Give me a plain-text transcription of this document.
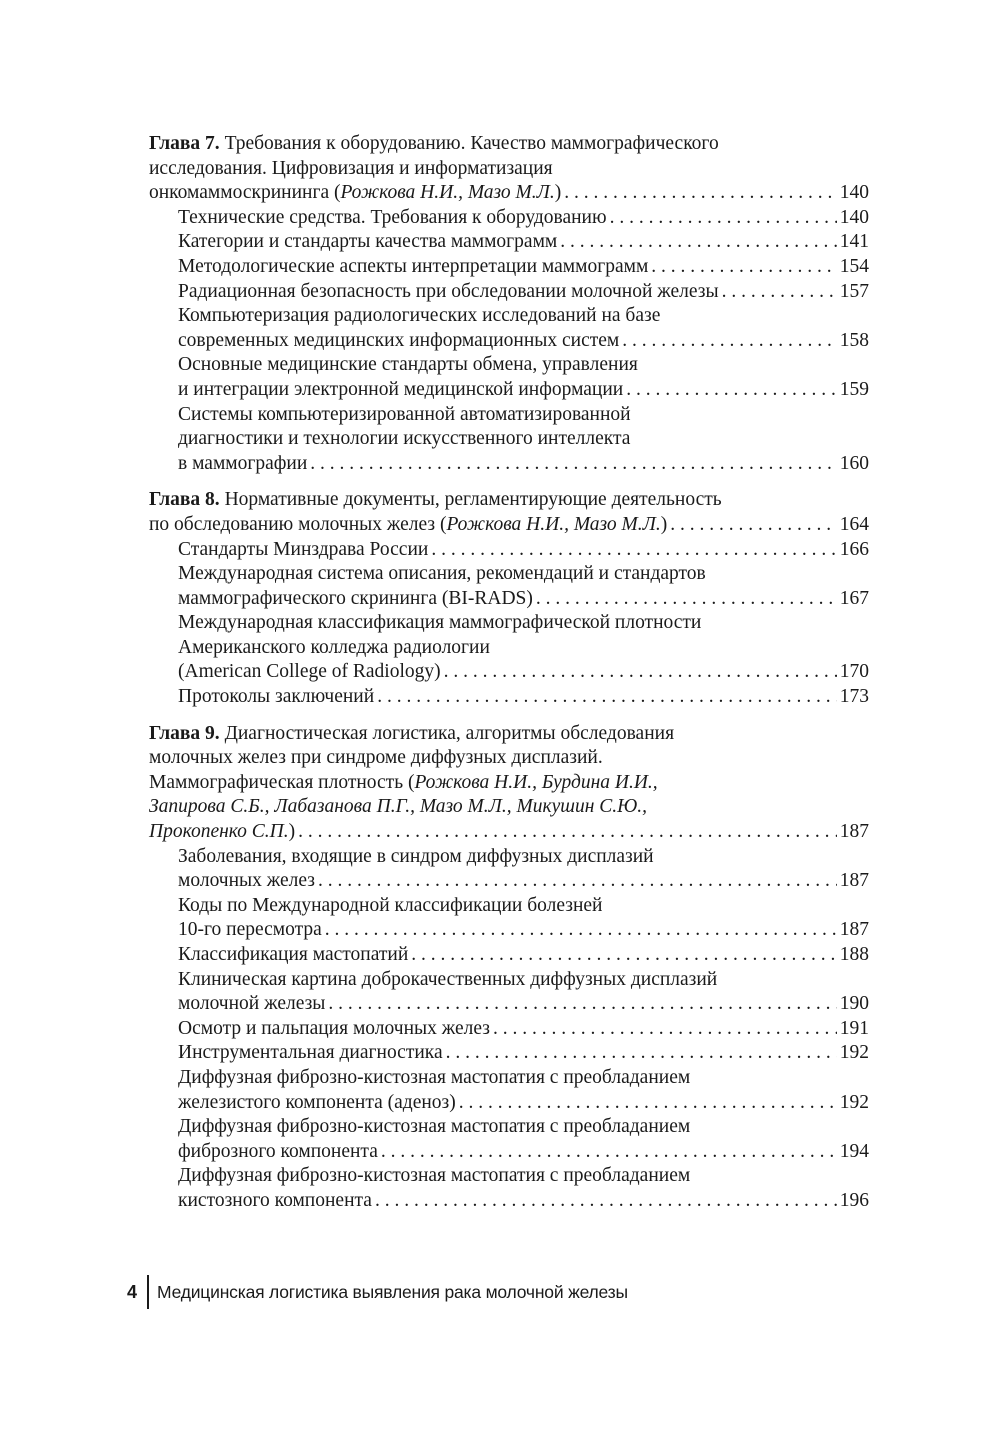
Глава 7. Требования к оборудованию. Качество маммографического
исследования. Цифровизация и информатизация
онкомаммоскрининга (Рожкова Н.И., Мазо М.Л.) . . .	140
Технические средства. Требования к оборудованию . . .	140
Категории и стандарты качества маммограмм . . .	141
Методологические аспекты интерпретации маммограмм . . .	154
Радиационная безопасность при обследовании молочной железы . . .	157
Компьютеризация радиологических исследований на базе
современных медицинских информационных систем . . .	158
Основные медицинские стандарты обмена, управления
и интеграции электронной медицинской информации . . .	159
Системы компьютеризированной автоматизированной
диагностики и технологии искусственного интеллекта
в маммографии . . .	160
Глава 8. Нормативные документы, регламентирующие деятельность
по обследованию молочных желез (Рожкова Н.И., Мазо М.Л.) . . .	164
Стандарты Минздрава России . . .	166
Международная система описания, рекомендаций и стандартов
маммографического скрининга (BI-RADS) . . .	167
Международная классификация маммографической плотности
Американского колледжа радиологии
(American College of Radiology) . . .	170
Протоколы заключений . . .	173
Глава 9. Диагностическая логистика, алгоритмы обследования
молочных желез при синдроме диффузных дисплазий.
Маммографическая плотность (Рожкова Н.И., Бурдина И.И.,
Запирова С.Б., Лабазанова П.Г., Мазо М.Л., Микушин С.Ю.,
Прокопенко С.П.) . . .	187
Заболевания, входящие в синдром диффузных дисплазий
молочных желез . . .	187
Коды по Международной классификации болезней
10-го пересмотра . . .	187
Классификация мастопатий . . .	188
Клиническая картина доброкачественных диффузных дисплазий
молочной железы . . .	190
Осмотр и пальпация молочных желез . . .	191
Инструментальная диагностика . . .	192
Диффузная фиброзно-кистозная мастопатия с преобладанием
железистого компонента (аденоз) . . .	192
Диффузная фиброзно-кистозная мастопатия с преобладанием
фиброзного компонента . . .	194
Диффузная фиброзно-кистозная мастопатия с преобладанием
кистозного компонента . . .	196
4	Медицинская логистика выявления рака молочной железы
